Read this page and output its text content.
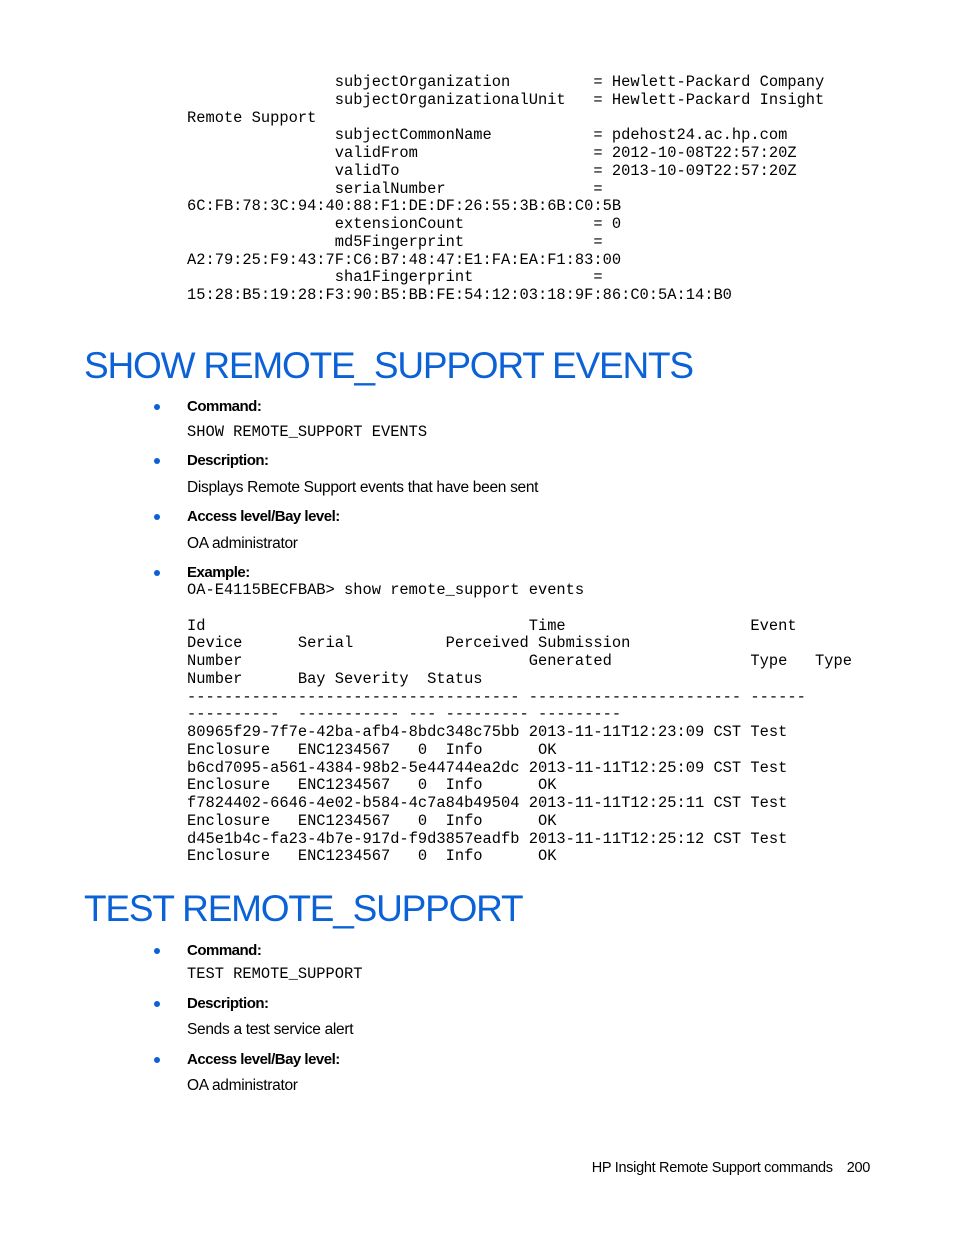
subjectOrganization         = Hewlett-Packard Company
subjectOrganizationalUnit   = Hewlett-Packard Insight
Remote Support
subjectCommonName           = pdehost24.ac.hp.com
validFrom                   = 2012-10-08T22:57:20Z
validTo                     = 2013-10-09T22:57:20Z
serialNumber                =
6C:FB:78:3C:94:40:88:F1:DE:DF:26:55:3B:6B:C0:5B
extensionCount              = 0
md5Fingerprint              =
A2:79:25:F9:43:7F:C6:B7:48:47:E1:FA:EA:F1:83:00
sha1Fingerprint             =
15:28:B5:19:28:F3:90:B5:BB:FE:54:12:03:18:9F:86:C0:5A:14:B0
SHOW REMOTE_SUPPORT EVENTS
Command:
SHOW REMOTE_SUPPORT EVENTS
Description:

Displays Remote Support events that have been sent

Access level/Bay level:

OA administrator

Example:
OA-E4115BECFBAB> show remote_support events

Id                                   Time                    Event
Device      Serial          Perceived Submission
Number                               Generated               Type   Type
Number      Bay Severity  Status
------------------------------------ ----------------------- ------
----------  ----------- --- --------- ---------
80965f29-7f7e-42ba-afb4-8bdc348c75bb 2013-11-11T12:23:09 CST Test
Enclosure   ENC1234567   0  Info      OK
b6cd7095-a561-4384-98b2-5e44744ea2dc 2013-11-11T12:25:09 CST Test
Enclosure   ENC1234567   0  Info      OK
f7824402-6646-4e02-b584-4c7a84b49504 2013-11-11T12:25:11 CST Test
Enclosure   ENC1234567   0  Info      OK
d45e1b4c-fa23-4b7e-917d-f9d3857eadfb 2013-11-11T12:25:12 CST Test
Enclosure   ENC1234567   0  Info      OK
TEST REMOTE_SUPPORT
Command:
TEST REMOTE_SUPPORT
Description:

Sends a test service alert

Access level/Bay level:

OA administrator

HP Insight Remote Support commands 200
